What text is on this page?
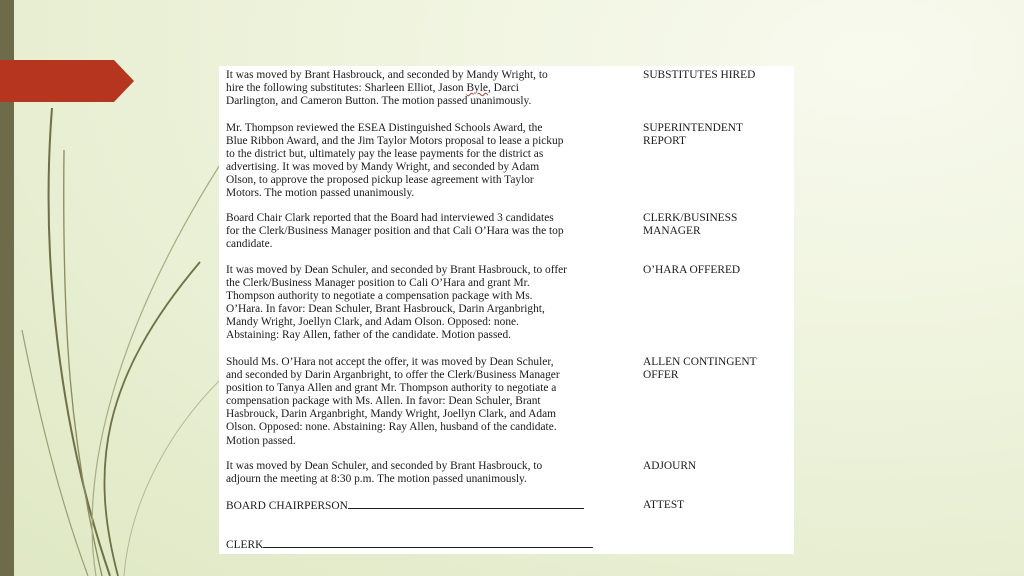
It was moved by Brant Hasbrouck, and seconded by Mandy Wright, to
hire the following substitutes: Sharleen Elliot, Jason Byle, Darci
Darlington, and Cameron Button. The motion passed unanimously.
SUBSTITUTES HIRED
Mr. Thompson reviewed the ESEA Distinguished Schools Award, the
Blue Ribbon Award, and the Jim Taylor Motors proposal to lease a pickup
to the district but, ultimately pay the lease payments for the district as
advertising. It was moved by Mandy Wright, and seconded by Adam
Olson, to approve the proposed pickup lease agreement with Taylor
Motors. The motion passed unanimously.
SUPERINTENDENT
REPORT
Board Chair Clark reported that the Board had interviewed 3 candidates
for the Clerk/Business Manager position and that Cali O’Hara was the top
candidate.
CLERK/BUSINESS
MANAGER
It was moved by Dean Schuler, and seconded by Brant Hasbrouck, to offer
the Clerk/Business Manager position to Cali O’Hara and grant Mr.
Thompson authority to negotiate a compensation package with Ms.
O’Hara. In favor: Dean Schuler, Brant Hasbrouck, Darin Arganbright,
Mandy Wright, Joellyn Clark, and Adam Olson. Opposed: none.
Abstaining: Ray Allen, father of the candidate. Motion passed.
O’HARA OFFERED
Should Ms. O’Hara not accept the offer, it was moved by Dean Schuler,
and seconded by Darin Arganbright, to offer the Clerk/Business Manager
position to Tanya Allen and grant Mr. Thompson authority to negotiate a
compensation package with Ms. Allen. In favor: Dean Schuler, Brant
Hasbrouck, Darin Arganbright, Mandy Wright, Joellyn Clark, and Adam
Olson. Opposed: none. Abstaining: Ray Allen, husband of the candidate.
Motion passed.
ALLEN CONTINGENT
OFFER
It was moved by Dean Schuler, and seconded by Brant Hasbrouck, to
adjourn the meeting at 8:30 p.m. The motion passed unanimously.
ADJOURN
BOARD CHAIRPERSON	ATTEST
CLERK
